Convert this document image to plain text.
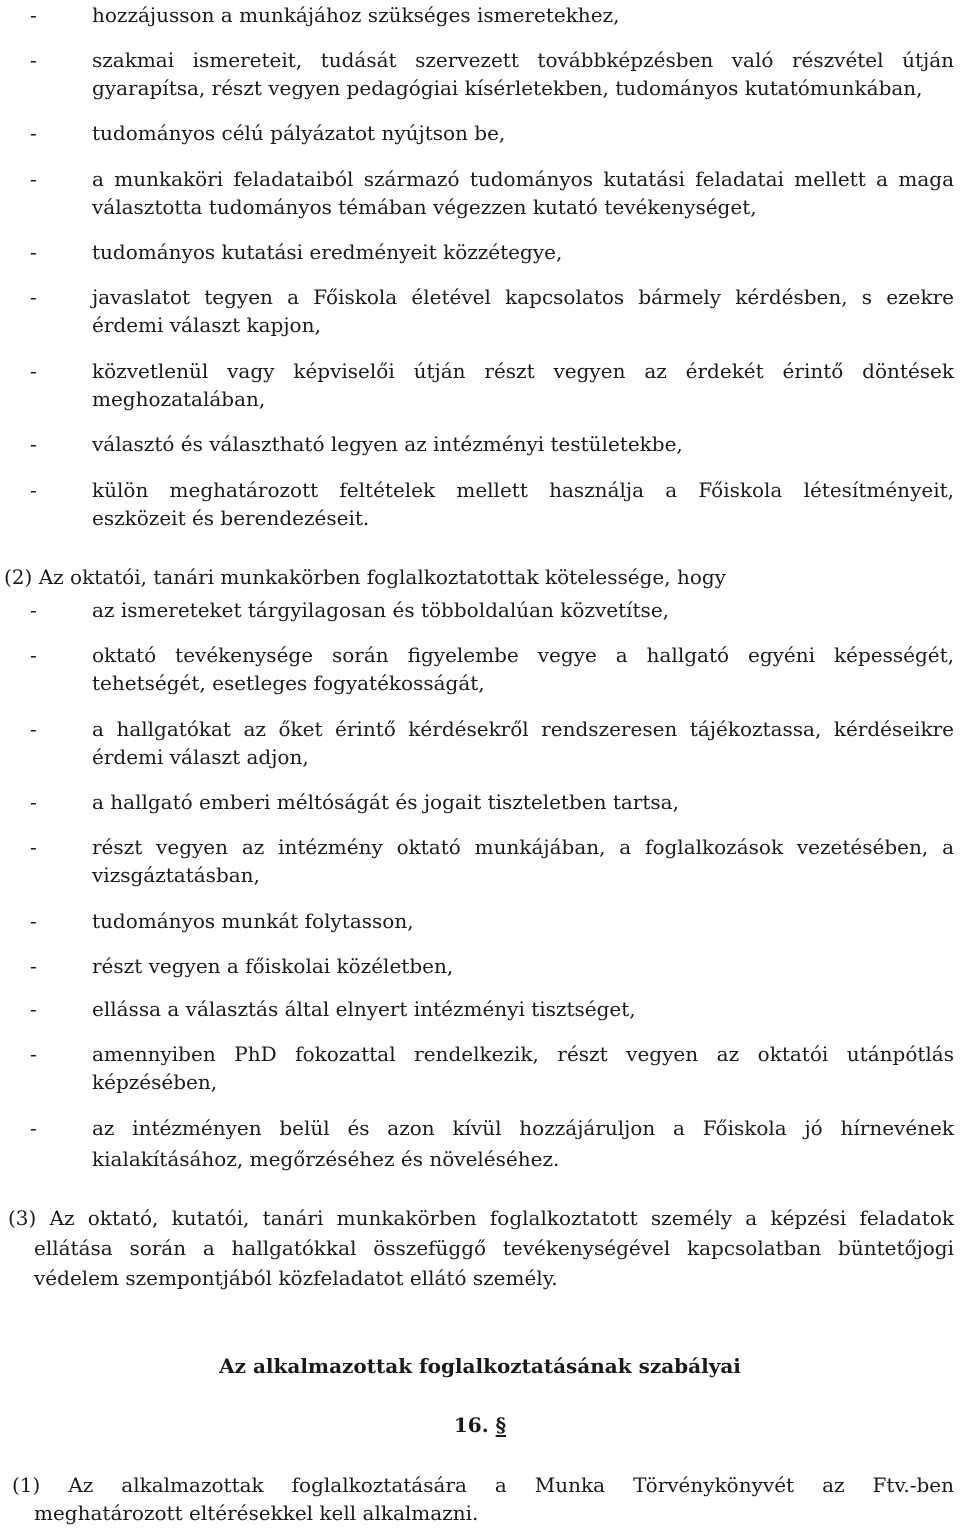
-	hozzájusson a munkájához szükséges ismeretekhez,
-	szakmai ismereteit, tudását szervezett továbbképzésben való részvétel útján
gyarapítsa, részt vegyen pedagógiai kísérletekben, tudományos kutatómunkában,
-	tudományos célú pályázatot nyújtson be,
-	a munkaköri feladataiból származó tudományos kutatási feladatai mellett a maga
választotta tudományos témában végezzen kutató tevékenységet,
-	tudományos kutatási eredményeit közzétegye,
-	javaslatot tegyen a Főiskola életével kapcsolatos bármely kérdésben, s ezekre
érdemi választ kapjon,
-	közvetlenül vagy képviselői útján részt vegyen az érdekét érintő döntések
meghozatalában,
-	választó és választható legyen az intézményi testületekbe,
-	külön meghatározott feltételek mellett használja a Főiskola létesítményeit,
eszközeit és berendezéseit.
(2) Az oktatói, tanári munkakörben foglalkoztatottak kötelessége, hogy
-	az ismereteket tárgyilagosan és többoldalúan közvetítse,
-	oktató tevékenysége során figyelembe vegye a hallgató egyéni képességét,
tehetségét, esetleges fogyatékosságát,
-	a hallgatókat az őket érintő kérdésekről rendszeresen tájékoztassa, kérdéseikre
érdemi választ adjon,
-	a hallgató emberi méltóságát és jogait tiszteletben tartsa,
-	részt vegyen az intézmény oktató munkájában, a foglalkozások vezetésében, a
vizsgáztatásban,
-	tudományos munkát folytasson,
-	részt vegyen a főiskolai közéletben,
-	ellássa a választás által elnyert intézményi tisztséget,
-	amennyiben PhD fokozattal rendelkezik, részt vegyen az oktatói utánpótlás
képzésében,
-	az intézményen belül és azon kívül hozzájáruljon a Főiskola jó hírnevének
kialakításához, megőrzéséhez és növeléséhez.
(3) Az oktató, kutatói, tanári munkakörben foglalkoztatott személy a képzési feladatok
ellátása során a hallgatókkal összefüggő tevékenységével kapcsolatban büntetőjogi
védelem szempontjából közfeladatot ellátó személy.
Az alkalmazottak foglalkoztatásának szabályai
16. §
(1) Az alkalmazottak foglalkoztatására a Munka Törvénykönyvét az Ftv.-ben
meghatározott eltérésekkel kell alkalmazni.
